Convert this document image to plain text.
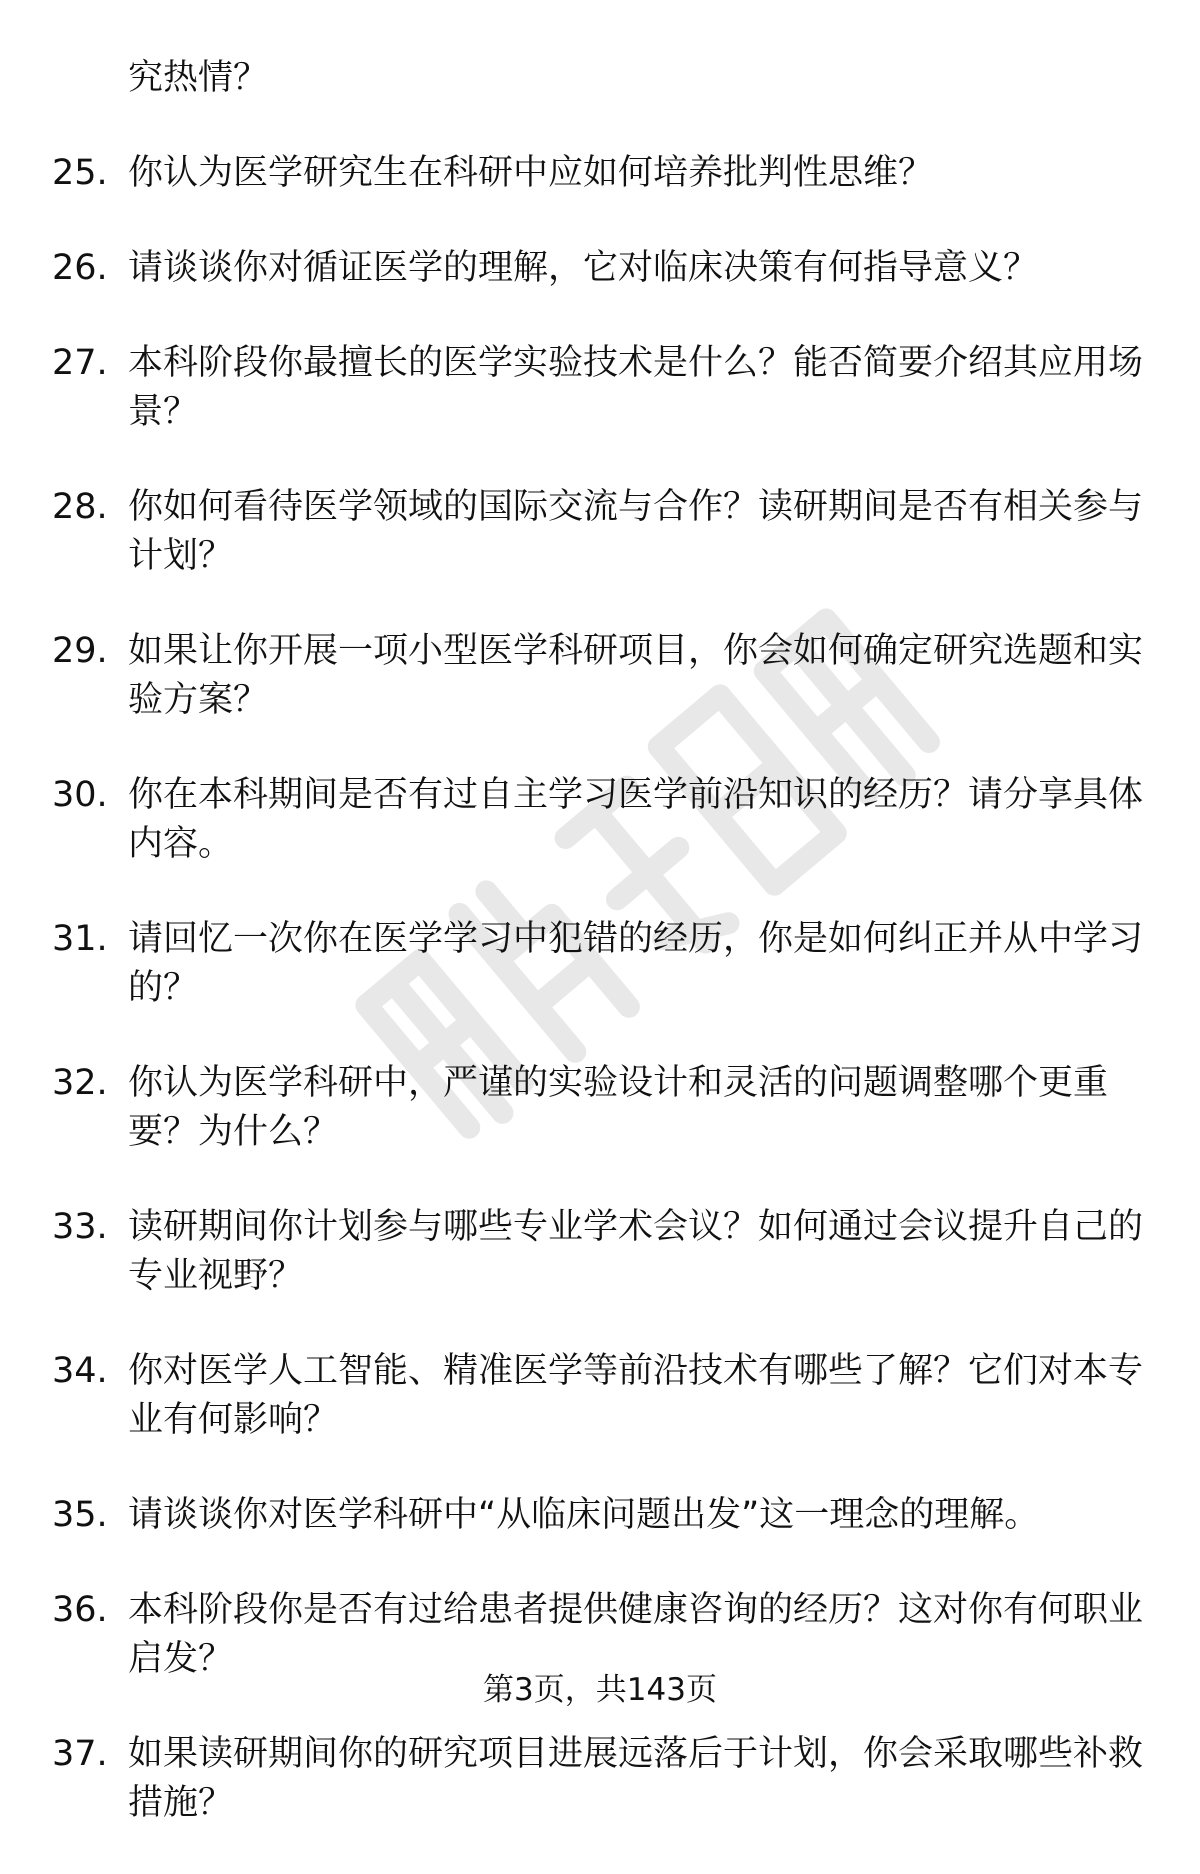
究热情？
25. 你认为医学研究生在科研中应如何培养批判性思维？
26. 请谈谈你对循证医学的理解，它对临床决策有何指导意义？
27. 本科阶段你最擅长的医学实验技术是什么？能否简要介绍其应用场景？
28. 你如何看待医学领域的国际交流与合作？读研期间是否有相关参与计划？
29. 如果让你开展一项小型医学科研项目，你会如何确定研究选题和实验方案？
30. 你在本科期间是否有过自主学习医学前沿知识的经历？请分享具体内容。
31. 请回忆一次你在医学学习中犯错的经历，你是如何纠正并从中学习的？
32. 你认为医学科研中，严谨的实验设计和灵活的问题调整哪个更重要？为什么？
33. 读研期间你计划参与哪些专业学术会议？如何通过会议提升自己的专业视野？
34. 你对医学人工智能、精准医学等前沿技术有哪些了解？它们对本专业有何影响？
35. 请谈谈你对医学科研中“从临床问题出发”这一理念的理解。
36. 本科阶段你是否有过给患者提供健康咨询的经历？这对你有何职业启发？
37. 如果读研期间你的研究项目进展远落后于计划，你会采取哪些补救措施？
第3页，共143页
